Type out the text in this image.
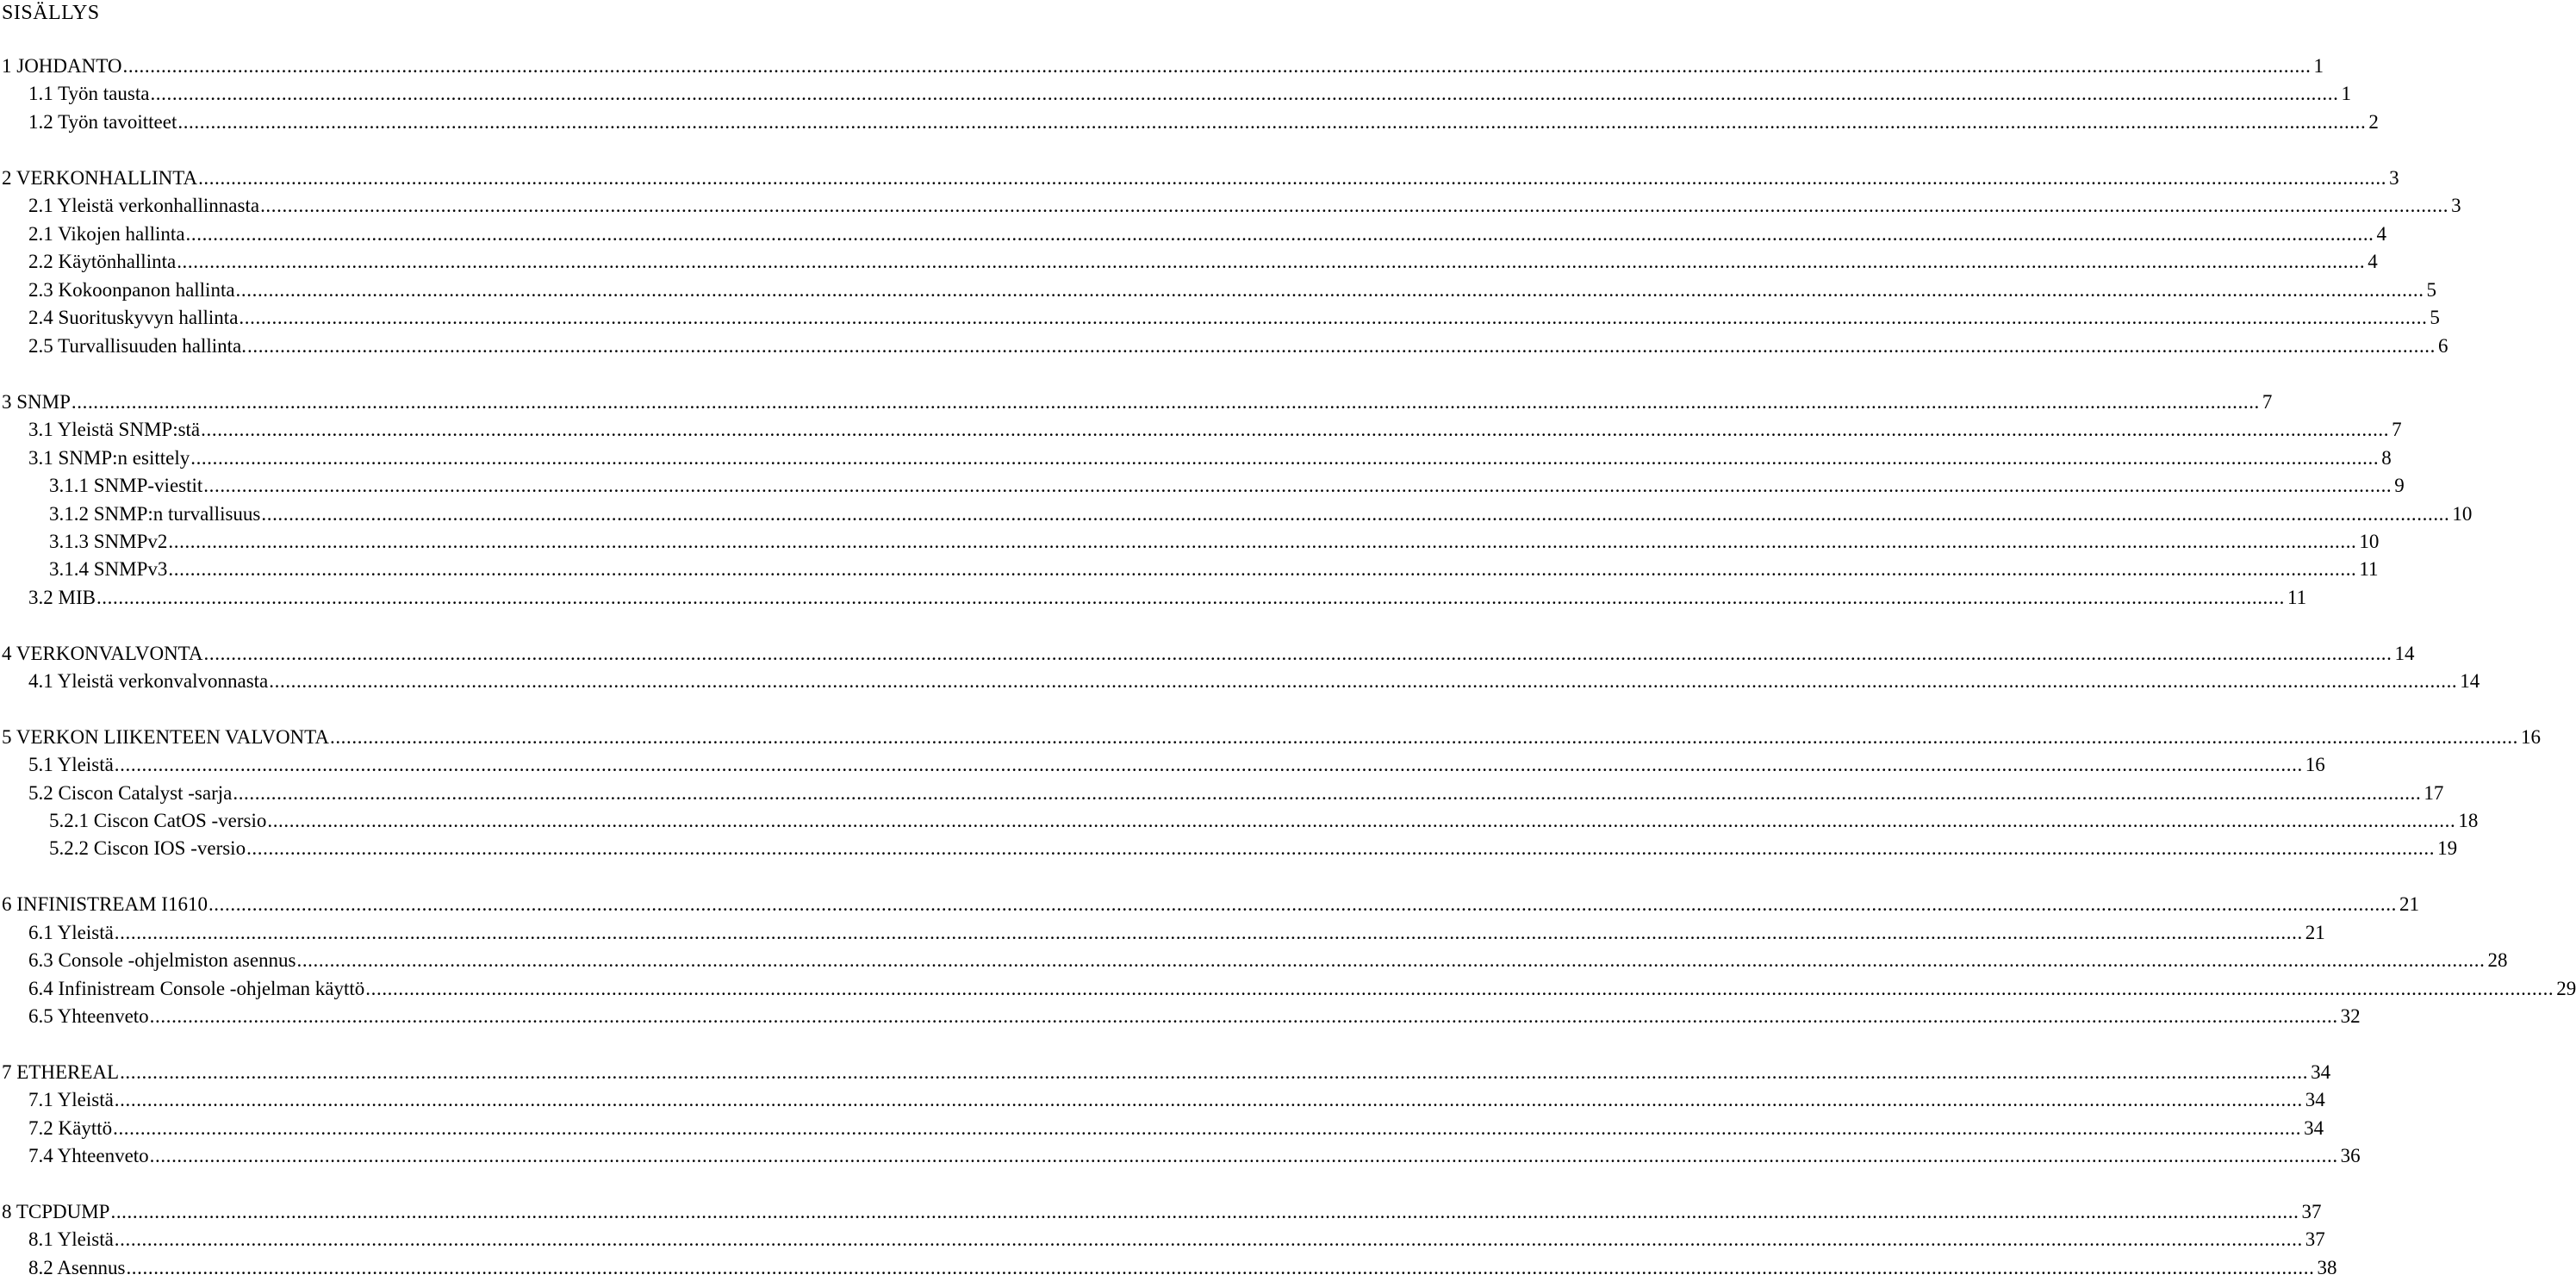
SISÄLLYS
1 JOHDANTO ................................................................................................................................................................................................................................................................................................................................................................................................................ 1
1.1 Työn tausta ................................................................................................................................................................................................................................................................................................................................................................................................................ 1
1.2 Työn tavoitteet ................................................................................................................................................................................................................................................................................................................................................................................................................ 2
2 VERKONHALLINTA ................................................................................................................................................................................................................................................................................................................................................................................................................ 3
2.1 Yleistä verkonhallinnasta ................................................................................................................................................................................................................................................................................................................................................................................................................ 3
2.1 Vikojen hallinta ................................................................................................................................................................................................................................................................................................................................................................................................................ 4
2.2 Käytönhallinta ................................................................................................................................................................................................................................................................................................................................................................................................................ 4
2.3 Kokoonpanon hallinta ................................................................................................................................................................................................................................................................................................................................................................................................................ 5
2.4 Suorituskyvyn hallinta ................................................................................................................................................................................................................................................................................................................................................................................................................ 5
2.5 Turvallisuuden hallinta. ................................................................................................................................................................................................................................................................................................................................................................................................................ 6
3 SNMP ................................................................................................................................................................................................................................................................................................................................................................................................................ 7
3.1 Yleistä SNMP:stä ................................................................................................................................................................................................................................................................................................................................................................................................................ 7
3.1 SNMP:n esittely ................................................................................................................................................................................................................................................................................................................................................................................................................ 8
3.1.1 SNMP-viestit ................................................................................................................................................................................................................................................................................................................................................................................................................ 9
3.1.2 SNMP:n turvallisuus ................................................................................................................................................................................................................................................................................................................................................................................................................ 10
3.1.3 SNMPv2 ................................................................................................................................................................................................................................................................................................................................................................................................................ 10
3.1.4 SNMPv3 ................................................................................................................................................................................................................................................................................................................................................................................................................ 11
3.2 MIB ................................................................................................................................................................................................................................................................................................................................................................................................................ 11
4 VERKONVALVONTA ................................................................................................................................................................................................................................................................................................................................................................................................................ 14
4.1 Yleistä verkonvalvonnasta ................................................................................................................................................................................................................................................................................................................................................................................................................ 14
5 VERKON LIIKENTEEN VALVONTA ................................................................................................................................................................................................................................................................................................................................................................................................................ 16
5.1 Yleistä ................................................................................................................................................................................................................................................................................................................................................................................................................ 16
5.2 Ciscon Catalyst -sarja ................................................................................................................................................................................................................................................................................................................................................................................................................ 17
5.2.1 Ciscon CatOS -versio ................................................................................................................................................................................................................................................................................................................................................................................................................ 18
5.2.2 Ciscon IOS -versio ................................................................................................................................................................................................................................................................................................................................................................................................................ 19
6 INFINISTREAM I1610 ................................................................................................................................................................................................................................................................................................................................................................................................................ 21
6.1 Yleistä ................................................................................................................................................................................................................................................................................................................................................................................................................ 21
6.3 Console -ohjelmiston asennus ................................................................................................................................................................................................................................................................................................................................................................................................................ 28
6.4 Infinistream Console -ohjelman käyttö ................................................................................................................................................................................................................................................................................................................................................................................................................ 29
6.5 Yhteenveto ................................................................................................................................................................................................................................................................................................................................................................................................................ 32
7 ETHEREAL ................................................................................................................................................................................................................................................................................................................................................................................................................ 34
7.1 Yleistä ................................................................................................................................................................................................................................................................................................................................................................................................................ 34
7.2 Käyttö ................................................................................................................................................................................................................................................................................................................................................................................................................ 34
7.4 Yhteenveto ................................................................................................................................................................................................................................................................................................................................................................................................................ 36
8 TCPDUMP ................................................................................................................................................................................................................................................................................................................................................................................................................ 37
8.1 Yleistä ................................................................................................................................................................................................................................................................................................................................................................................................................ 37
8.2 Asennus ................................................................................................................................................................................................................................................................................................................................................................................................................ 38
